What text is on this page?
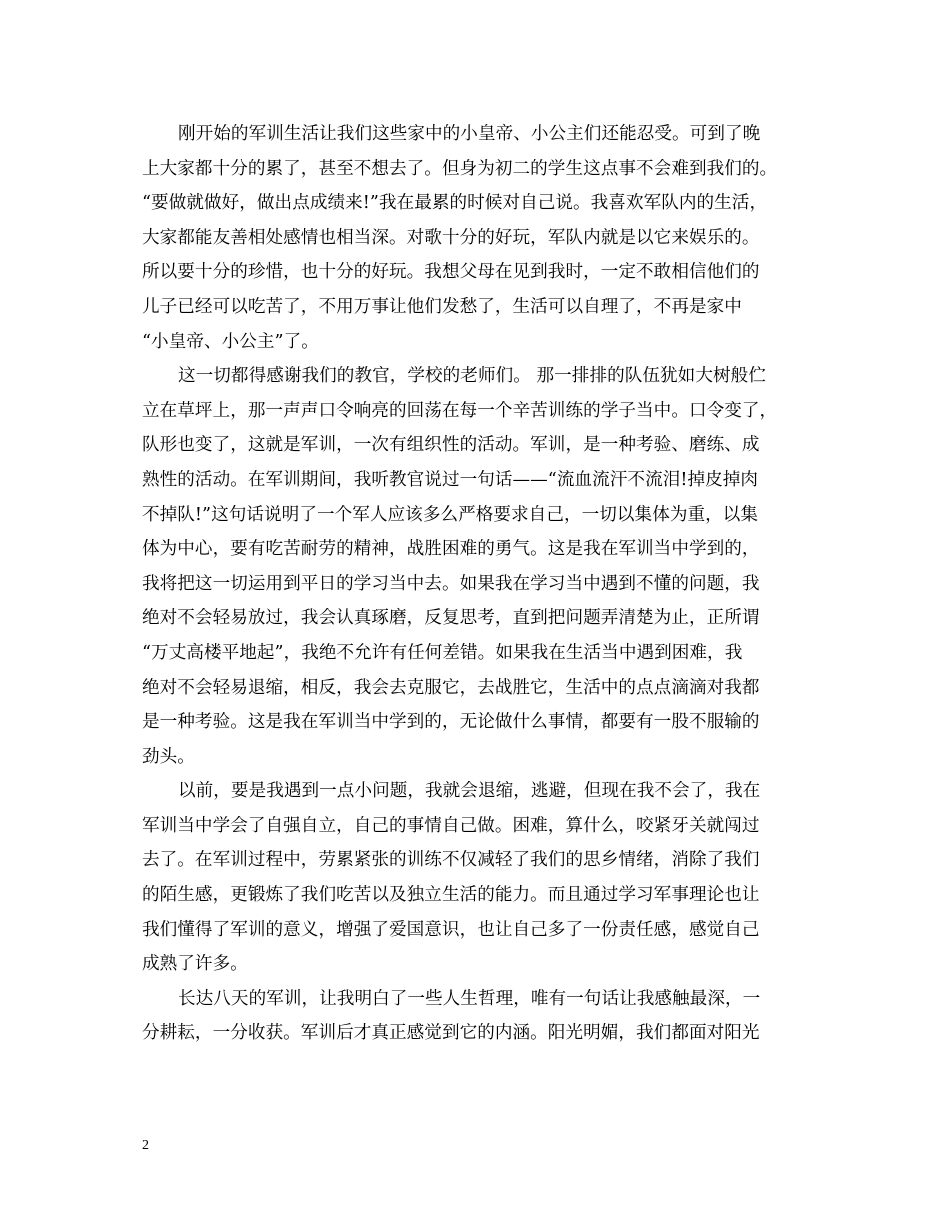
刚开始的军训生活让我们这些家中的小皇帝、小公主们还能忍受。可到了晚
上大家都十分的累了，甚至不想去了。但身为初二的学生这点事不会难到我们的。
“要做就做好，做出点成绩来!”我在最累的时候对自己说。我喜欢军队内的生活，
大家都能友善相处感情也相当深。对歌十分的好玩，军队内就是以它来娱乐的。
所以要十分的珍惜，也十分的好玩。我想父母在见到我时，一定不敢相信他们的
儿子已经可以吃苦了，不用万事让他们发愁了，生活可以自理了，不再是家中
“小皇帝、小公主”了。
这一切都得感谢我们的教官，学校的老师们。 那一排排的队伍犹如大树般伫
立在草坪上，那一声声口令响亮的回荡在每一个辛苦训练的学子当中。口令变了，
队形也变了，这就是军训，一次有组织性的活动。军训，是一种考验、磨练、成
熟性的活动。在军训期间，我听教官说过一句话——“流血流汗不流泪!掉皮掉肉
不掉队!”这句话说明了一个军人应该多么严格要求自己，一切以集体为重，以集
体为中心，要有吃苦耐劳的精神，战胜困难的勇气。这是我在军训当中学到的，
我将把这一切运用到平日的学习当中去。如果我在学习当中遇到不懂的问题，我
绝对不会轻易放过，我会认真琢磨，反复思考，直到把问题弄清楚为止，正所谓
“万丈高楼平地起”，我绝不允许有任何差错。如果我在生活当中遇到困难，我
绝对不会轻易退缩，相反，我会去克服它，去战胜它，生活中的点点滴滴对我都
是一种考验。这是我在军训当中学到的，无论做什么事情，都要有一股不服输的
劲头。
以前，要是我遇到一点小问题，我就会退缩，逃避，但现在我不会了，我在
军训当中学会了自强自立，自己的事情自己做。困难，算什么，咬紧牙关就闯过
去了。在军训过程中，劳累紧张的训练不仅减轻了我们的思乡情绪，消除了我们
的陌生感，更锻炼了我们吃苦以及独立生活的能力。而且通过学习军事理论也让
我们懂得了军训的意义，增强了爱国意识，也让自己多了一份责任感，感觉自己
成熟了许多。
长达八天的军训，让我明白了一些人生哲理，唯有一句话让我感触最深，一
分耕耘，一分收获。军训后才真正感觉到它的内涵。阳光明媚，我们都面对阳光
2
